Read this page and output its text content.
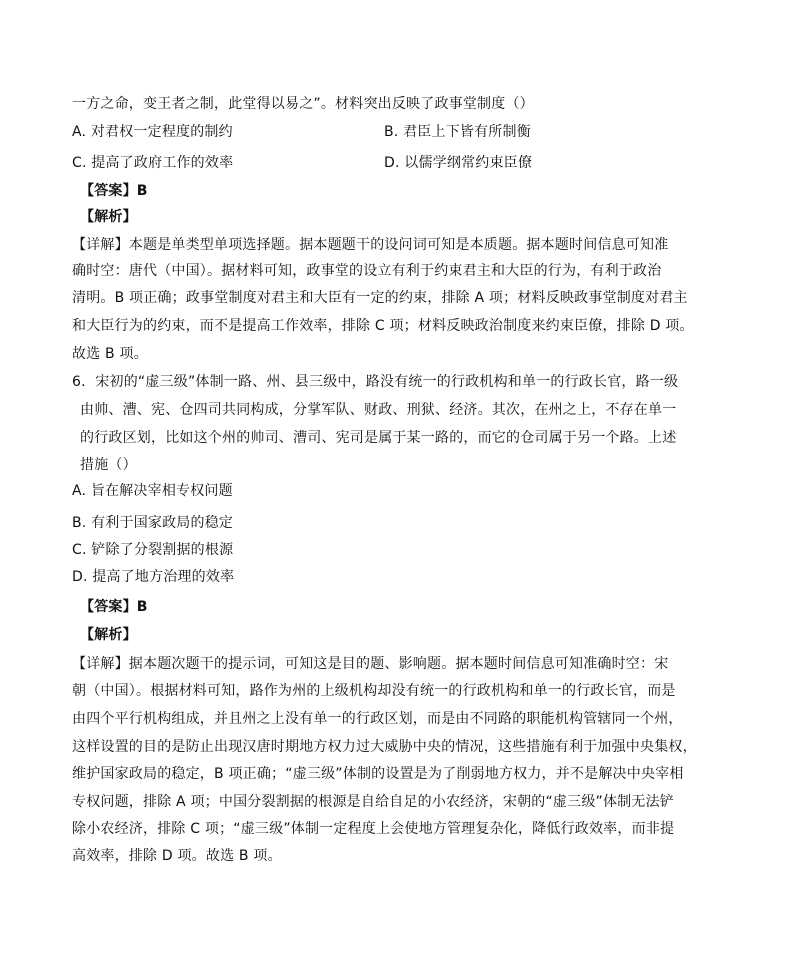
一方之命，变王者之制，此堂得以易之”。材料突出反映了政事堂制度（）
A. 对君权一定程度的制约	B. 君臣上下皆有所制衡
C. 提高了政府工作的效率	D. 以儒学纲常约束臣僚
【答案】B
【解析】
【详解】本题是单类型单项选择题。据本题题干的设问词可知是本质题。据本题时间信息可知准
确时空：唐代（中国）。据材料可知，政事堂的设立有利于约束君主和大臣的行为，有利于政治
清明。B 项正确；政事堂制度对君主和大臣有一定的约束，排除 A 项；材料反映政事堂制度对君主
和大臣行为的约束，而不是提高工作效率，排除 C 项；材料反映政治制度来约束臣僚，排除 D 项。
故选 B 项。
6．宋初的“虚三级”体制一路、州、县三级中，路没有统一的行政机构和单一的行政长官，路一级
由帅、漕、宪、仓四司共同构成，分掌军队、财政、刑狱、经济。其次，在州之上，不存在单一
的行政区划，比如这个州的帅司、漕司、宪司是属于某一路的，而它的仓司属于另一个路。上述
措施（）
A. 旨在解决宰相专权问题
B. 有利于国家政局的稳定
C. 铲除了分裂割据的根源
D. 提高了地方治理的效率
【答案】B
【解析】
【详解】据本题次题干的提示词，可知这是目的题、影响题。据本题时间信息可知准确时空：宋
朝（中国）。根据材料可知，路作为州的上级机构却没有统一的行政机构和单一的行政长官，而是
由四个平行机构组成，并且州之上没有单一的行政区划，而是由不同路的职能机构管辖同一个州，
这样设置的目的是防止出现汉唐时期地方权力过大威胁中央的情况，这些措施有利于加强中央集权，
维护国家政局的稳定，B 项正确；“虚三级”体制的设置是为了削弱地方权力，并不是解决中央宰相
专权问题，排除 A 项；中国分裂割据的根源是自给自足的小农经济，宋朝的“虚三级”体制无法铲
除小农经济，排除 C 项；“虚三级”体制一定程度上会使地方管理复杂化，降低行政效率，而非提
高效率，排除 D 项。故选 B 项。
